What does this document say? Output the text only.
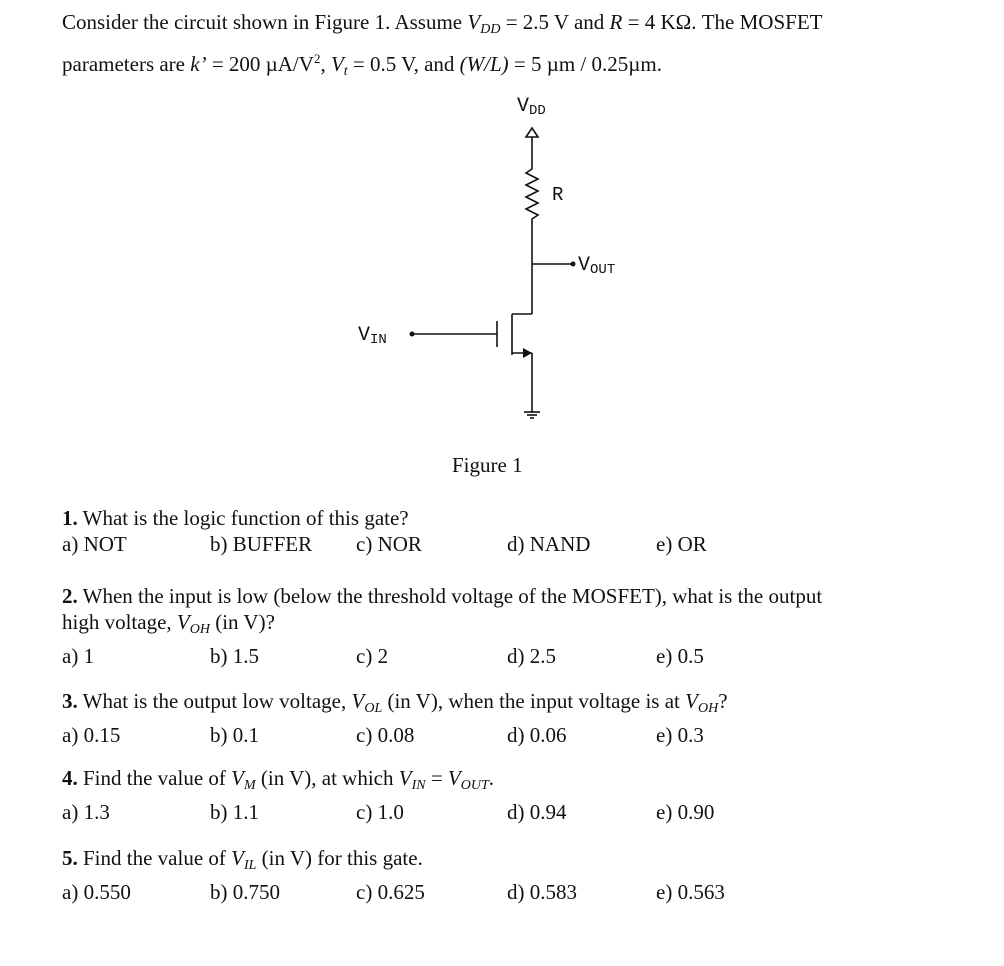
Consider the circuit shown in Figure 1. Assume $V_{DD} = 2.5$ V and R = 4 KΩ. The MOSFET
parameters are k’ = 200 $\mu A/V^2$, $V_t = 0.5$ V, and (W/L) = 5 µm / 0.25µm.
VDD
R
VOUT
VIN
Figure 1
1. What is the logic function of this gate?
a) NOT	b) BUFFER c) NOR	d) NAND	e) OR
2. When the input is low (below the threshold voltage of the MOSFET), what is the output
high voltage, $V_{OH}$ (in V)?
a) 1	b) 1.5	c) 2	d) 2.5	e) 0.5
3. What is the output low voltage, $V_{OL}$ (in V), when the input voltage is at $V_{OH}$?
a) 0.15	b) 0.1	c) 0.08	d) 0.06	e) 0.3
4. Find the value of $V_M$ (in V), at which $V_{IN} = V_{OUT}$.
a) 1.3	b) 1.1	c) 1.0	d) 0.94	e) 0.90
5. Find the value of $V_{IL}$ (in V) for this gate.
a) 0.550	b) 0.750	c) 0.625	d) 0.583	e) 0.563
